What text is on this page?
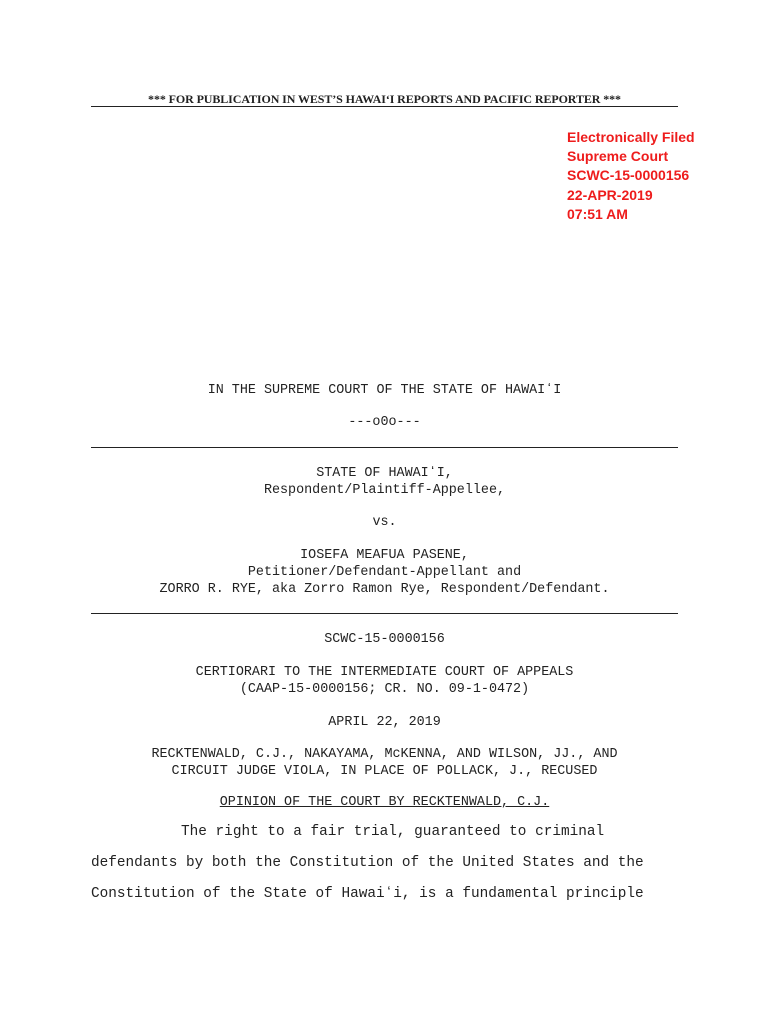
*** FOR PUBLICATION IN WEST’S HAWAI‘I REPORTS AND PACIFIC REPORTER ***
Electronically Filed
Supreme Court
SCWC-15-0000156
22-APR-2019
07:51 AM
IN THE SUPREME COURT OF THE STATE OF HAWAIʻI
---o0o---
STATE OF HAWAIʻI,
Respondent/Plaintiff-Appellee,
vs.
IOSEFA MEAFUA PASENE,
Petitioner/Defendant-Appellant and
ZORRO R. RYE, aka Zorro Ramon Rye, Respondent/Defendant.
SCWC-15-0000156
CERTIORARI TO THE INTERMEDIATE COURT OF APPEALS
(CAAP-15-0000156; CR. NO. 09-1-0472)
APRIL 22, 2019
RECKTENWALD, C.J., NAKAYAMA, McKENNA, AND WILSON, JJ., AND
CIRCUIT JUDGE VIOLA, IN PLACE OF POLLACK, J., RECUSED
OPINION OF THE COURT BY RECKTENWALD, C.J.
The right to a fair trial, guaranteed to criminal
defendants by both the Constitution of the United States and the
Constitution of the State of Hawaiʻi, is a fundamental principle
